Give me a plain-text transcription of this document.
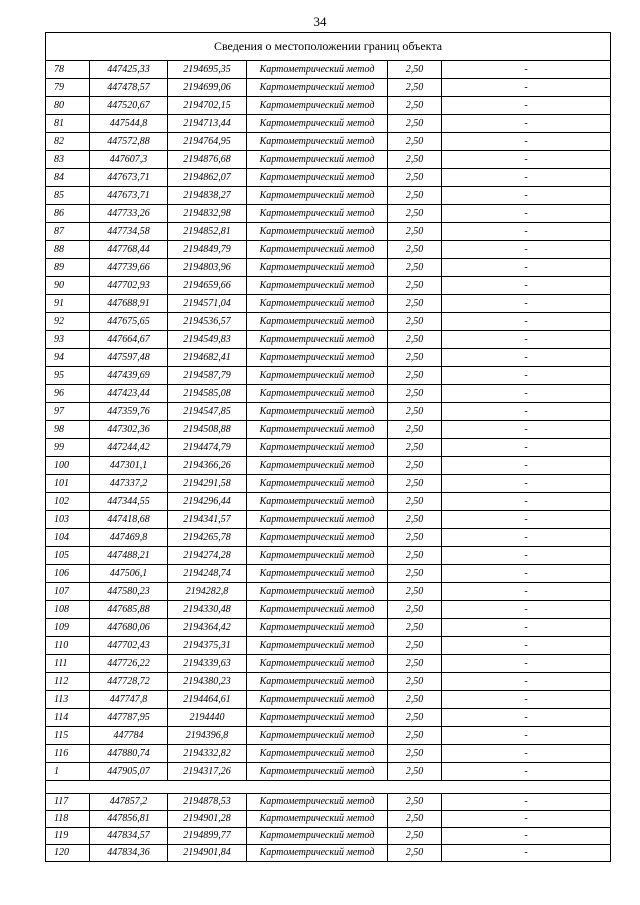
34
Сведения о местоположении границ объекта					
78	447425,33	2194695,35	Картометрический метод	2,50	-
79	447478,57	2194699,06	Картометрический метод	2,50	-
80	447520,67	2194702,15	Картометрический метод	2,50	-
81	447544,8	2194713,44	Картометрический метод	2,50	-
82	447572,88	2194764,95	Картометрический метод	2,50	-
83	447607,3	2194876,68	Картометрический метод	2,50	-
84	447673,71	2194862,07	Картометрический метод	2,50	-
85	447673,71	2194838,27	Картометрический метод	2,50	-
86	447733,26	2194832,98	Картометрический метод	2,50	-
87	447734,58	2194852,81	Картометрический метод	2,50	-
88	447768,44	2194849,79	Картометрический метод	2,50	-
89	447739,66	2194803,96	Картометрический метод	2,50	-
90	447702,93	2194659,66	Картометрический метод	2,50	-
91	447688,91	2194571,04	Картометрический метод	2,50	-
92	447675,65	2194536,57	Картометрический метод	2,50	-
93	447664,67	2194549,83	Картометрический метод	2,50	-
94	447597,48	2194682,41	Картометрический метод	2,50	-
95	447439,69	2194587,79	Картометрический метод	2,50	-
96	447423,44	2194585,08	Картометрический метод	2,50	-
97	447359,76	2194547,85	Картометрический метод	2,50	-
98	447302,36	2194508,88	Картометрический метод	2,50	-
99	447244,42	2194474,79	Картометрический метод	2,50	-
100	447301,1	2194366,26	Картометрический метод	2,50	-
101	447337,2	2194291,58	Картометрический метод	2,50	-
102	447344,55	2194296,44	Картометрический метод	2,50	-
103	447418,68	2194341,57	Картометрический метод	2,50	-
104	447469,8	2194265,78	Картометрический метод	2,50	-
105	447488,21	2194274,28	Картометрический метод	2,50	-
106	447506,1	2194248,74	Картометрический метод	2,50	-
107	447580,23	2194282,8	Картометрический метод	2,50	-
108	447685,88	2194330,48	Картометрический метод	2,50	-
109	447680,06	2194364,42	Картометрический метод	2,50	-
110	447702,43	2194375,31	Картометрический метод	2,50	-
111	447726,22	2194339,63	Картометрический метод	2,50	-
112	447728,72	2194380,23	Картометрический метод	2,50	-
113	447747,8	2194464,61	Картометрический метод	2,50	-
114	447787,95	2194440	Картометрический метод	2,50	-
115	447784	2194396,8	Картометрический метод	2,50	-
116	447880,74	2194332,82	Картометрический метод	2,50	-
1	447905,07	2194317,26	Картометрический метод	2,50	-

117	447857,2	2194878,53	Картометрический метод	2,50	-
118	447856,81	2194901,28	Картометрический метод	2,50	-
119	447834,57	2194899,77	Картометрический метод	2,50	-
120	447834,36	2194901,84	Картометрический метод	2,50	-
